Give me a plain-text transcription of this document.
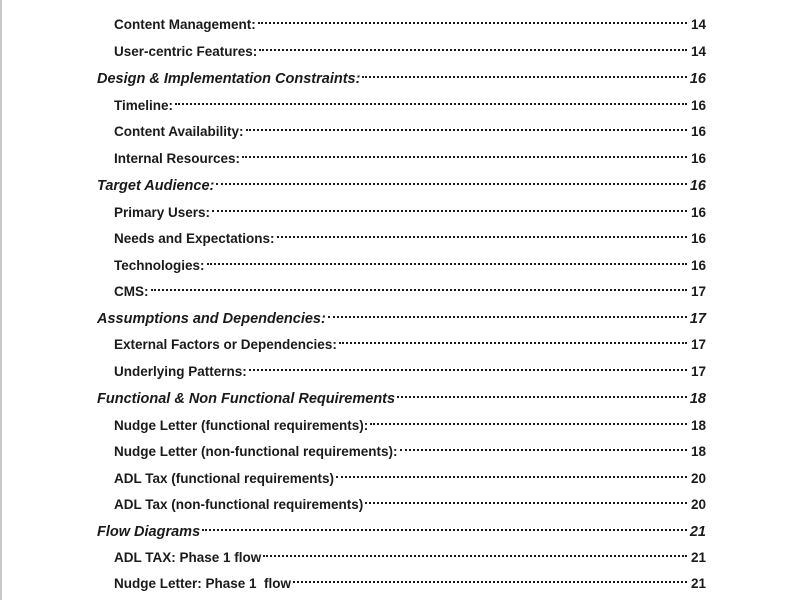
Content Management:	14
User-centric Features:	14
Design & Implementation Constraints:	16
Timeline:	16
Content Availability:	16
Internal Resources:	16
Target Audience:	16
Primary Users:	16
Needs and Expectations:	16
Technologies:	16
CMS:	17
Assumptions and Dependencies:	17
External Factors or Dependencies:	17
Underlying Patterns:	17
Functional & Non Functional Requirements	18
Nudge Letter (functional requirements):	18
Nudge Letter (non-functional requirements):	18
ADL Tax (functional requirements)	20
ADL Tax (non-functional requirements)	20
Flow Diagrams	21
ADL TAX: Phase 1 flow	21
Nudge Letter: Phase 1  flow	21
